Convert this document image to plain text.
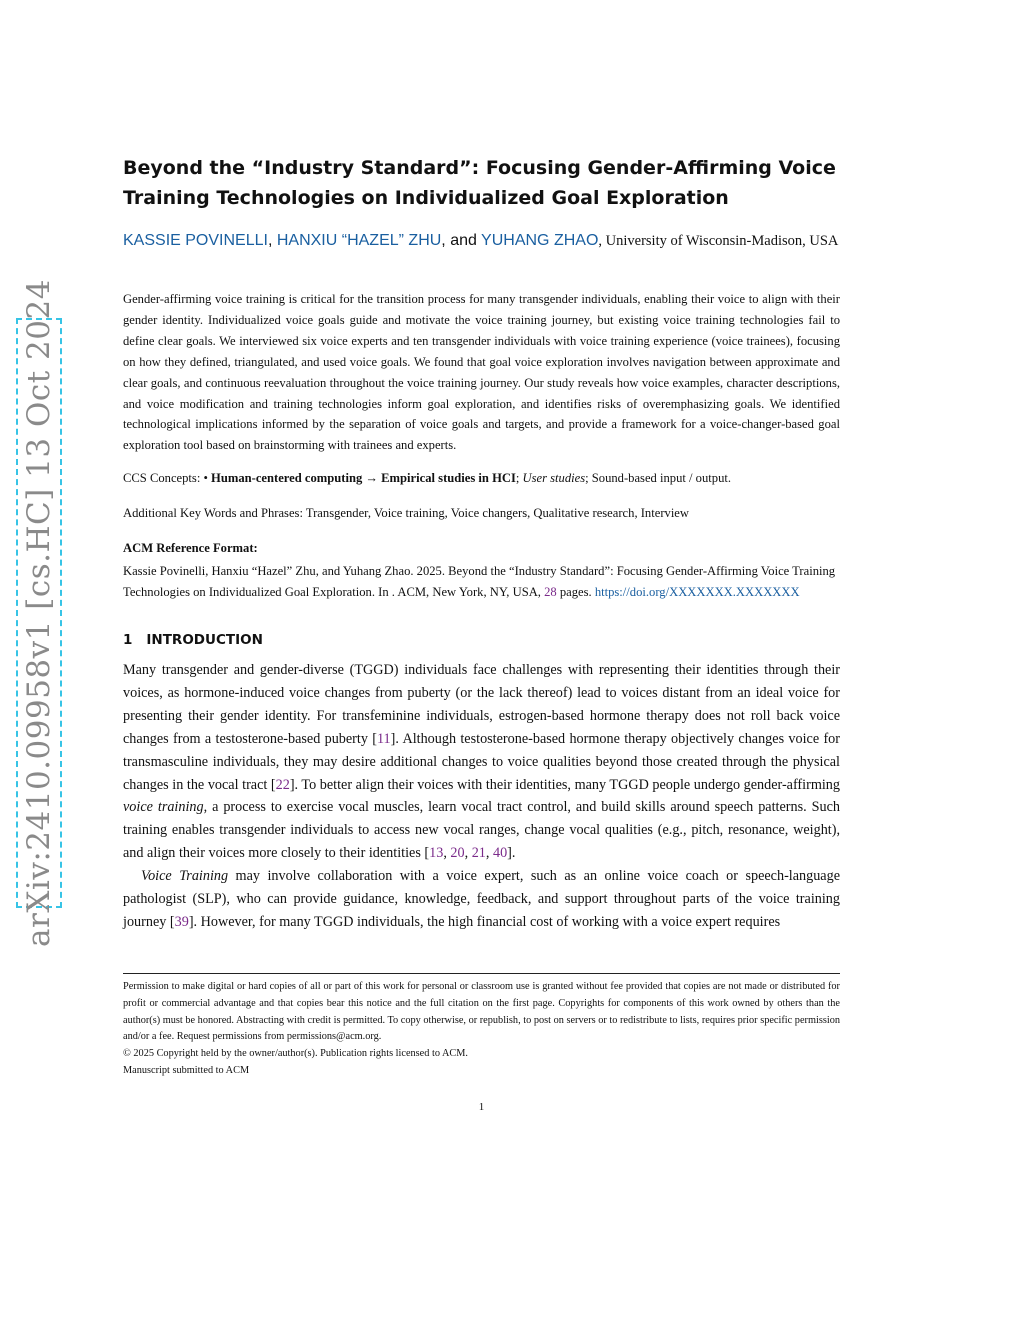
arXiv:2410.09958v1 [cs.HC] 13 Oct 2024
Beyond the “Industry Standard”: Focusing Gender-Affirming Voice Training Technologies on Individualized Goal Exploration

KASSIE POVINELLI, HANXIU “HAZEL” ZHU, and YUHANG ZHAO, University of Wisconsin-Madison, USA

Gender-affirming voice training is critical for the transition process for many transgender individuals, enabling their voice to align with their gender identity. Individualized voice goals guide and motivate the voice training journey, but existing voice training technologies fail to define clear goals. We interviewed six voice experts and ten transgender individuals with voice training experience (voice trainees), focusing on how they defined, triangulated, and used voice goals. We found that goal voice exploration involves navigation between approximate and clear goals, and continuous reevaluation throughout the voice training journey. Our study reveals how voice examples, character descriptions, and voice modification and training technologies inform goal exploration, and identifies risks of overemphasizing goals. We identified technological implications informed by the separation of voice goals and targets, and provide a framework for a voice-changer-based goal exploration tool based on brainstorming with trainees and experts.

CCS Concepts: • Human-centered computing → Empirical studies in HCI; User studies; Sound-based input / output.

Additional Key Words and Phrases: Transgender, Voice training, Voice changers, Qualitative research, Interview

ACM Reference Format:

Kassie Povinelli, Hanxiu “Hazel” Zhu, and Yuhang Zhao. 2025. Beyond the “Industry Standard”: Focusing Gender-Affirming Voice Training Technologies on Individualized Goal Exploration. In . ACM, New York, NY, USA, 28 pages. https://doi.org/XXXXXXX.XXXXXXX

1 INTRODUCTION

Many transgender and gender-diverse (TGGD) individuals face challenges with representing their identities through their voices, as hormone-induced voice changes from puberty (or the lack thereof) lead to voices distant from an ideal voice for presenting their gender identity. For transfeminine individuals, estrogen-based hormone therapy does not roll back voice changes from a testosterone-based puberty [11]. Although testosterone-based hormone therapy objectively changes voice for transmasculine individuals, they may desire additional changes to voice qualities beyond those created through the physical changes in the vocal tract [22]. To better align their voices with their identities, many TGGD people undergo gender-affirming voice training, a process to exercise vocal muscles, learn vocal tract control, and build skills around speech patterns. Such training enables transgender individuals to access new vocal ranges, change vocal qualities (e.g., pitch, resonance, weight), and align their voices more closely to their identities [13, 20, 21, 40].

Voice Training may involve collaboration with a voice expert, such as an online voice coach or speech-language pathologist (SLP), who can provide guidance, knowledge, feedback, and support throughout parts of the voice training journey [39]. However, for many TGGD individuals, the high financial cost of working with a voice expert requires

Permission to make digital or hard copies of all or part of this work for personal or classroom use is granted without fee provided that copies are not made or distributed for profit or commercial advantage and that copies bear this notice and the full citation on the first page. Copyrights for components of this work owned by others than the author(s) must be honored. Abstracting with credit is permitted. To copy otherwise, or republish, to post on servers or to redistribute to lists, requires prior specific permission and/or a fee. Request permissions from permissions@acm.org.

© 2025 Copyright held by the owner/author(s). Publication rights licensed to ACM.

Manuscript submitted to ACM

1
